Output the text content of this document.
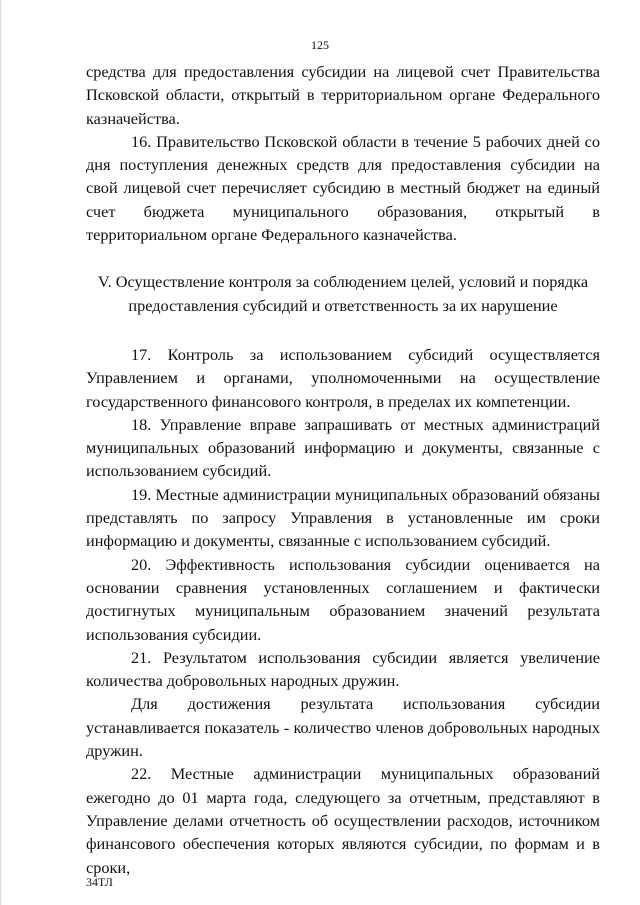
125

средства для предоставления субсидии на лицевой счет Правительства Псковской области, открытый в территориальном органе Федерального казначейства.

16. Правительство Псковской области в течение 5 рабочих дней со дня поступления денежных средств для предоставления субсидии на свой лицевой счет перечисляет субсидию в местный бюджет на единый счет бюджета муниципального образования, открытый в территориальном органе Федерального казначейства.

V. Осуществление контроля за соблюдением целей, условий и порядка предоставления субсидий и ответственность за их нарушение

17. Контроль за использованием субсидий осуществляется Управлением и органами, уполномоченными на осуществление государственного финансового контроля, в пределах их компетенции.

18. Управление вправе запрашивать от местных администраций муниципальных образований информацию и документы, связанные с использованием субсидий.

19. Местные администрации муниципальных образований обязаны представлять по запросу Управления в установленные им сроки информацию и документы, связанные с использованием субсидий.

20. Эффективность использования субсидии оценивается на основании сравнения установленных соглашением и фактически достигнутых муниципальным образованием значений результата использования субсидии.

21. Результатом использования субсидии является увеличение количества добровольных народных дружин.

Для достижения результата использования субсидии устанавливается показатель - количество членов добровольных народных дружин.

22. Местные администрации муниципальных образований ежегодно до 01 марта года, следующего за отчетным, представляют в Управление делами отчетность об осуществлении расходов, источником финансового обеспечения которых являются субсидии, по формам и в сроки,

34ТЛ
